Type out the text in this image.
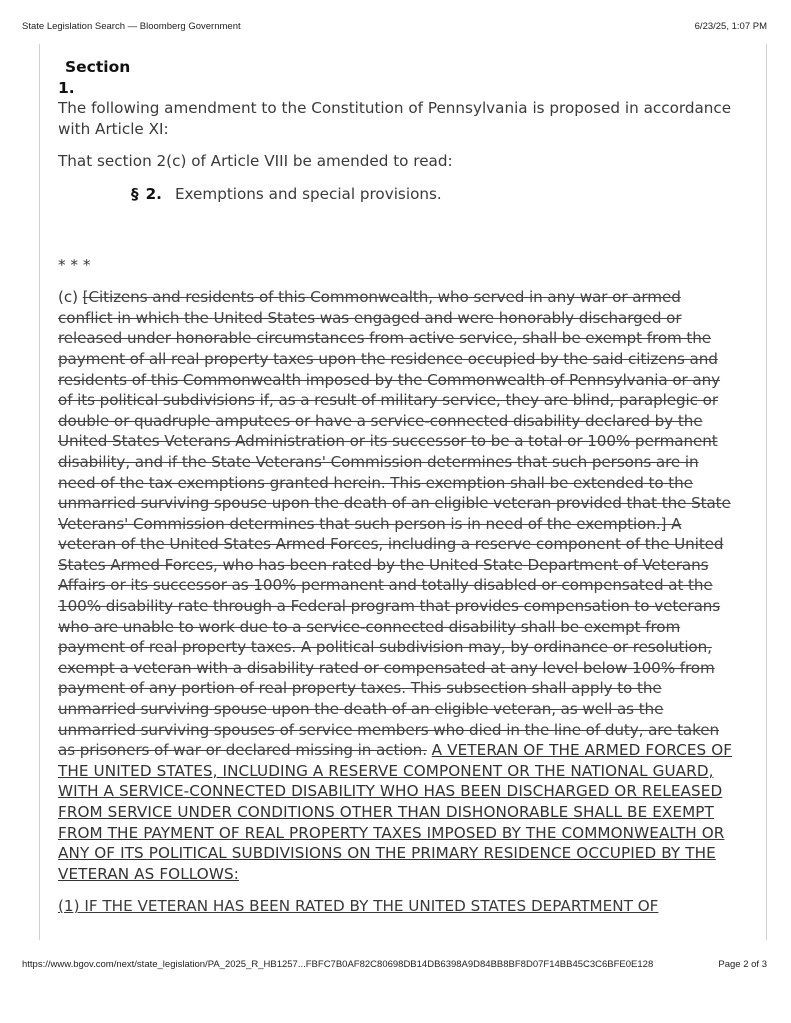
State Legislation Search — Bloomberg Government	6/23/25, 1:07 PM
Section
1.

The following amendment to the Constitution of Pennsylvania is proposed in accordance with Article XI:

That section 2(c) of Article VIII be amended to read:

§ 2. Exemptions and special provisions.

* * *

(c) [Citizens and residents of this Commonwealth, who served in any war or armed conflict in which the United States was engaged and were honorably discharged or released under honorable circumstances from active service, shall be exempt from the payment of all real property taxes upon the residence occupied by the said citizens and residents of this Commonwealth imposed by the Commonwealth of Pennsylvania or any of its political subdivisions if, as a result of military service, they are blind, paraplegic or double or quadruple amputees or have a service-connected disability declared by the United States Veterans Administration or its successor to be a total or 100% permanent disability, and if the State Veterans' Commission determines that such persons are in need of the tax exemptions granted herein. This exemption shall be extended to the unmarried surviving spouse upon the death of an eligible veteran provided that the State Veterans' Commission determines that such person is in need of the exemption.] A veteran of the United States Armed Forces, including a reserve component of the United States Armed Forces, who has been rated by the United State Department of Veterans Affairs or its successor as 100% permanent and totally disabled or compensated at the 100% disability rate through a Federal program that provides compensation to veterans who are unable to work due to a service-connected disability shall be exempt from payment of real property taxes. A political subdivision may, by ordinance or resolution, exempt a veteran with a disability rated or compensated at any level below 100% from payment of any portion of real property taxes. This subsection shall apply to the unmarried surviving spouse upon the death of an eligible veteran, as well as the unmarried surviving spouses of service members who died in the line of duty, are taken as prisoners of war or declared missing in action. A VETERAN OF THE ARMED FORCES OF THE UNITED STATES, INCLUDING A RESERVE COMPONENT OR THE NATIONAL GUARD, WITH A SERVICE-CONNECTED DISABILITY WHO HAS BEEN DISCHARGED OR RELEASED FROM SERVICE UNDER CONDITIONS OTHER THAN DISHONORABLE SHALL BE EXEMPT FROM THE PAYMENT OF REAL PROPERTY TAXES IMPOSED BY THE COMMONWEALTH OR ANY OF ITS POLITICAL SUBDIVISIONS ON THE PRIMARY RESIDENCE OCCUPIED BY THE VETERAN AS FOLLOWS:

(1) IF THE VETERAN HAS BEEN RATED BY THE UNITED STATES DEPARTMENT OF

https://www.bgov.com/next/state_legislation/PA_2025_R_HB1257...FBFC7B0AF82C80698DB14DB6398A9D84BB8BF8D07F14BB45C3C6BFE0E128	Page 2 of 3
